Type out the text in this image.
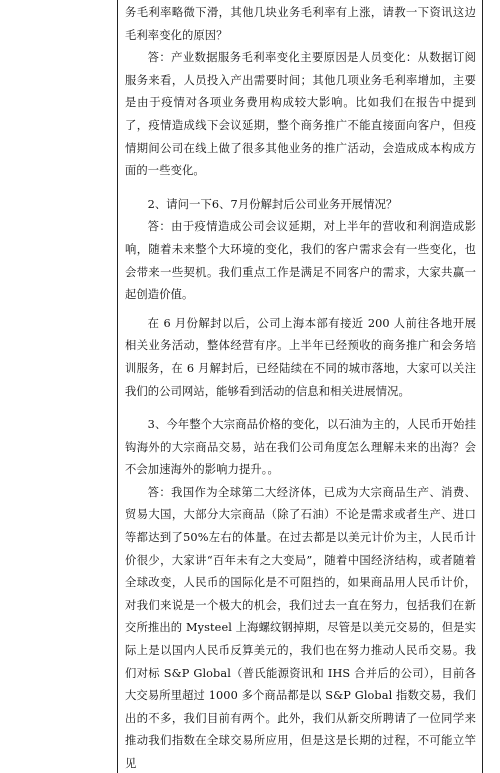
务毛利率略微下滑，其他几块业务毛利率有上涨，请教一下资讯这边毛利率变化的原因？

答：产业数据服务毛利率变化主要原因是人员变化：从数据订阅服务来看，人员投入产出需要时间；其他几项业务毛利率增加，主要是由于疫情对各项业务费用构成较大影响。比如我们在报告中提到了，疫情造成线下会议延期，整个商务推广不能直接面向客户，但疫情期间公司在线上做了很多其他业务的推广活动，会造成成本构成方面的一些变化。

2、请问一下6、7月份解封后公司业务开展情况？

答：由于疫情造成公司会议延期，对上半年的营收和利润造成影响，随着未来整个大环境的变化，我们的客户需求会有一些变化，也会带来一些契机。我们重点工作是满足不同客户的需求，大家共赢一起创造价值。

在 6 月份解封以后，公司上海本部有接近 200 人前往各地开展相关业务活动，整体经营有序。上半年已经预收的商务推广和会务培训服务，在 6 月解封后，已经陆续在不同的城市落地，大家可以关注我们的公司网站，能够看到活动的信息和相关进展情况。

3、今年整个大宗商品价格的变化，以石油为主的，人民币开始挂钩海外的大宗商品交易，站在我们公司角度怎么理解未来的出海？会不会加速海外的影响力提升。。

答：我国作为全球第二大经济体，已成为大宗商品生产、消费、贸易大国，大部分大宗商品（除了石油）不论是需求或者生产、进口等都达到了50%左右的体量。在过去都是以美元计价为主，人民币计价很少，大家讲“百年未有之大变局”，随着中国经济结构，或者随着全球改变，人民币的国际化是不可阻挡的，如果商品用人民币计价，对我们来说是一个极大的机会，我们过去一直在努力，包括我们在新交所推出的 Mysteel 上海螺纹钢掉期，尽管是以美元交易的，但是实际上是以国内人民币反算美元的，我们也在努力推动人民币交易。我们对标 S&P Global（普氏能源资讯和 IHS 合并后的公司），目前各大交易所里超过 1000 多个商品都是以 S&P Global 指数交易，我们出的不多，我们目前有两个。此外，我们从新交所聘请了一位同学来推动我们指数在全球交易所应用，但是这是长期的过程，不可能立竿见
